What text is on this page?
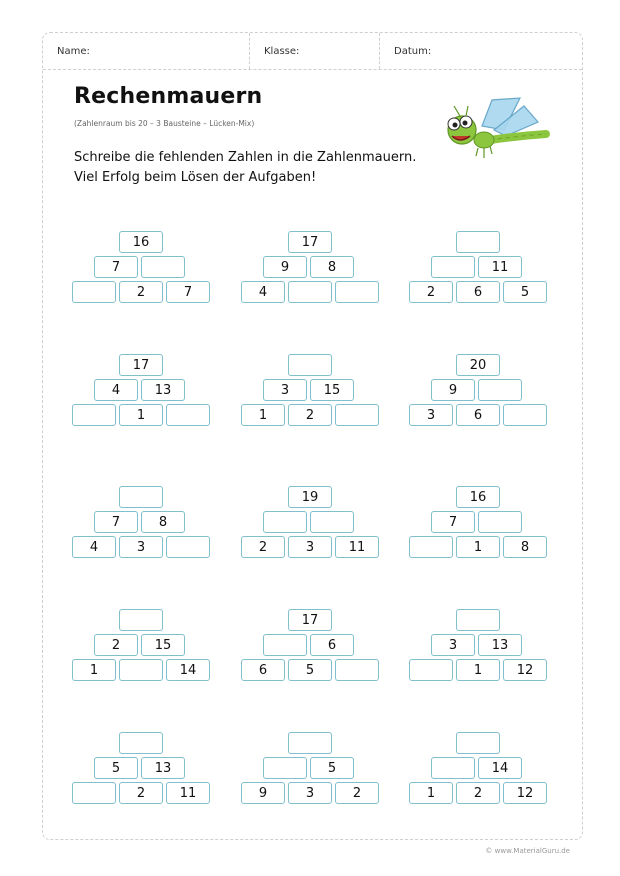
Name:	Klasse:	Datum:
Rechenmauern
(Zahlenraum bis 20 – 3 Bausteine – Lücken-Mix)
Schreibe die fehlenden Zahlen in die Zahlenmauern.
Viel Erfolg beim Lösen der Aufgaben!
16
7
2	7
17
9	8
4
11
2	6	5
17
4	13
1
3	15
1	2
20
9
3	6
7	8
4	3
19
2	3	11
16
7
1	8
2	15
1	14
17
6
6	5
3	13
1	12
5	13
2	11
5
9	3	2
14
1	2	12
© www.MaterialGuru.de
